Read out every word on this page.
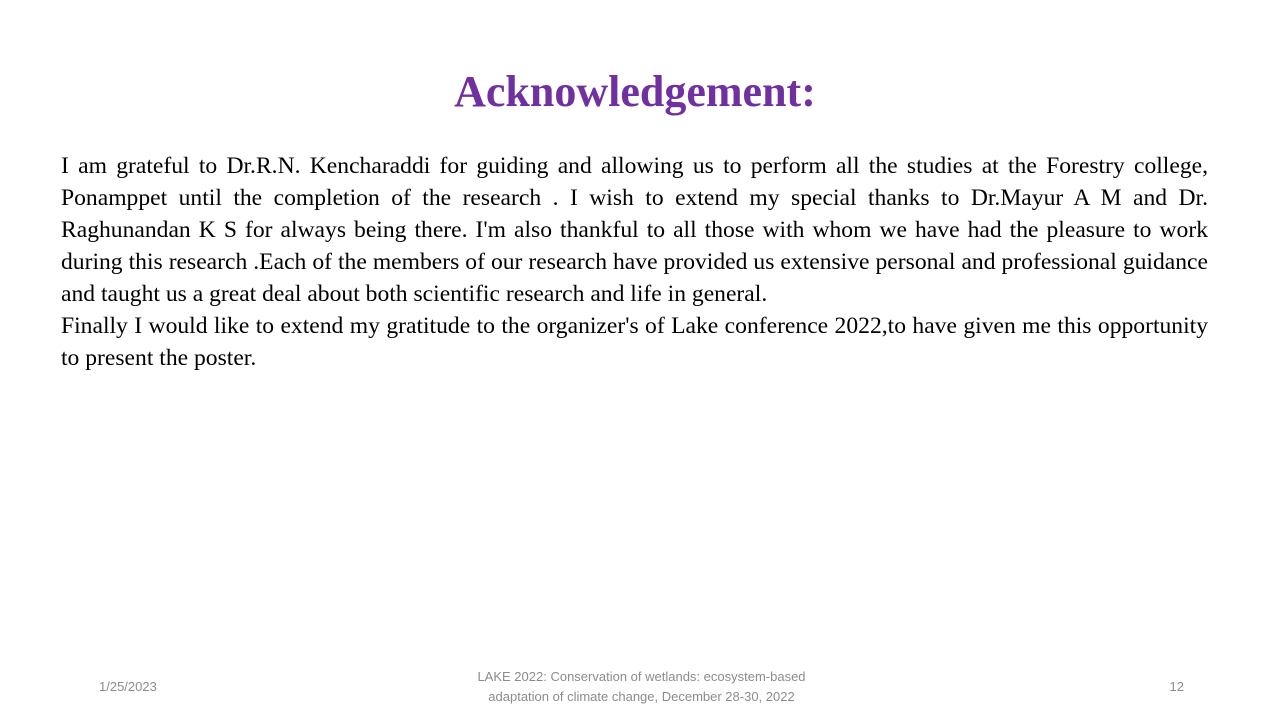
Acknowledgement:

I am grateful to Dr.R.N. Kencharaddi for guiding and allowing us to perform all the studies at the Forestry college, Ponamppet until the completion of the research . I wish to extend my special thanks to Dr.Mayur A M and Dr. Raghunandan K S for always being there. I'm also thankful to all those with whom we have had the pleasure to work during this research .Each of the members of our research have provided us extensive personal and professional guidance and taught us a great deal about both scientific research and life in general.

Finally I would like to extend my gratitude to the organizer's of Lake conference 2022,to have given me this opportunity to present the poster.

1/25/2023
LAKE 2022: Conservation of wetlands: ecosystem-based
adaptation of climate change, December 28-30, 2022
12
